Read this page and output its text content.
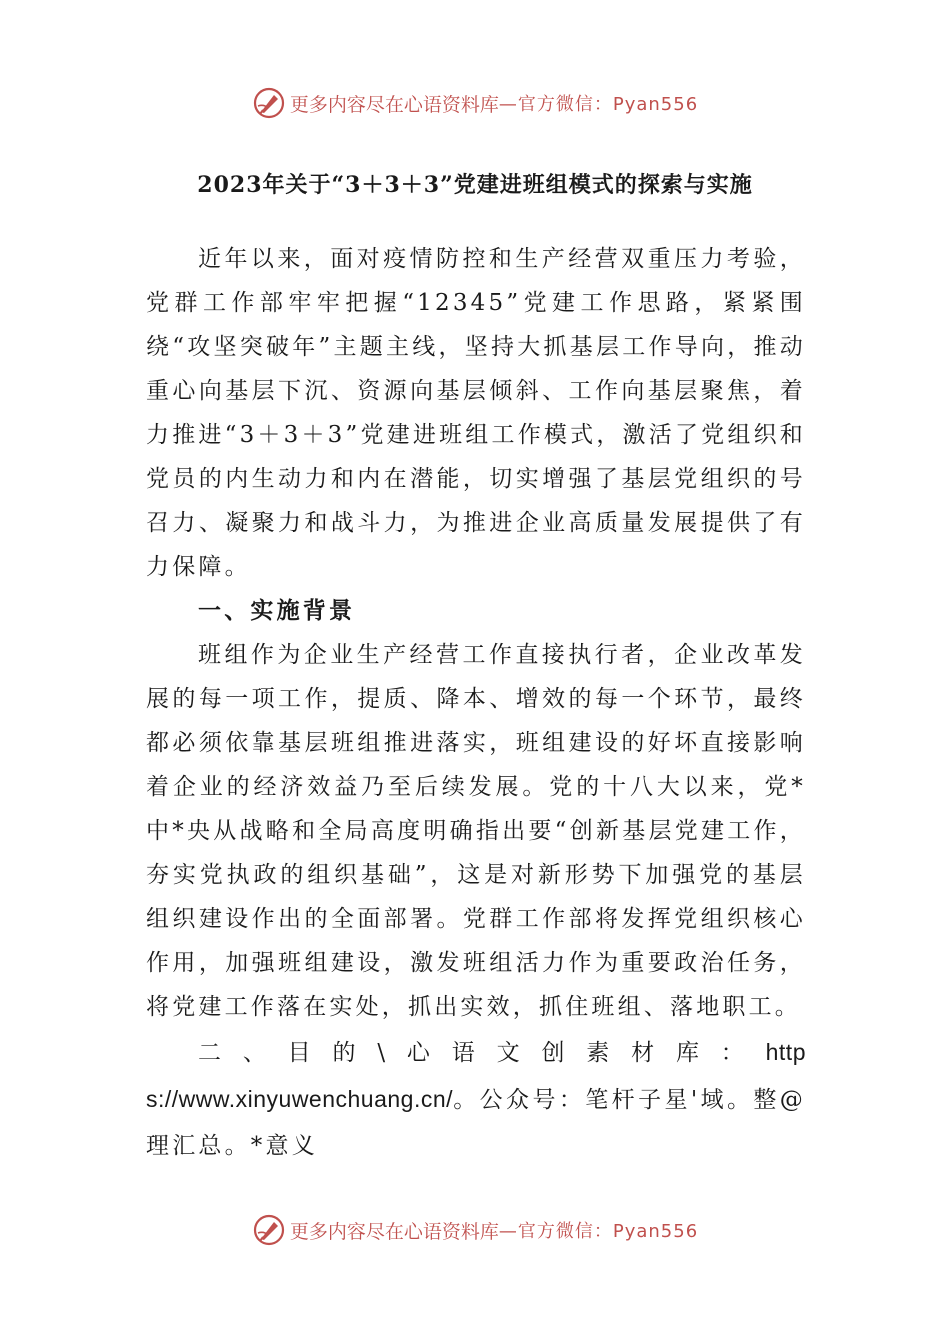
更多内容尽在心语资料库 —官方微信：Pyan556
2023年关于“3＋3＋3”党建进班组模式的探索与实施

近年以来，面对疫情防控和生产经营双重压力考验，党群工作部牢牢把握“12345”党建工作思路，紧紧围绕“攻坚突破年”主题主线，坚持大抓基层工作导向，推动重心向基层下沉、资源向基层倾斜、工作向基层聚焦，着力推进“3＋3＋3”党建进班组工作模式，激活了党组织和党员的内生动力和内在潜能，切实增强了基层党组织的号召力、凝聚力和战斗力，为推进企业高质量发展提供了有力保障。

一、实施背景

班组作为企业生产经营工作直接执行者，企业改革发展的每一项工作，提质、降本、增效的每一个环节，最终都必须依靠基层班组推进落实，班组建设的好坏直接影响着企业的经济效益乃至后续发展。党的十八大以来，党*中*央从战略和全局高度明确指出要“创新基层党建工作，夯实党执政的组织基础”，这是对新形势下加强党的基层组织建设作出的全面部署。党群工作部将发挥党组织核心作用，加强班组建设，激发班组活力作为重要政治任务，将党建工作落在实处，抓出实效，抓住班组、落地职工。

二、目的\心语文创素材库：https://www.xinyuwenchuang.cn/。公众号：笔杆子星'域。整@理汇总。*意义

更多内容尽在心语资料库 —官方微信：Pyan556
